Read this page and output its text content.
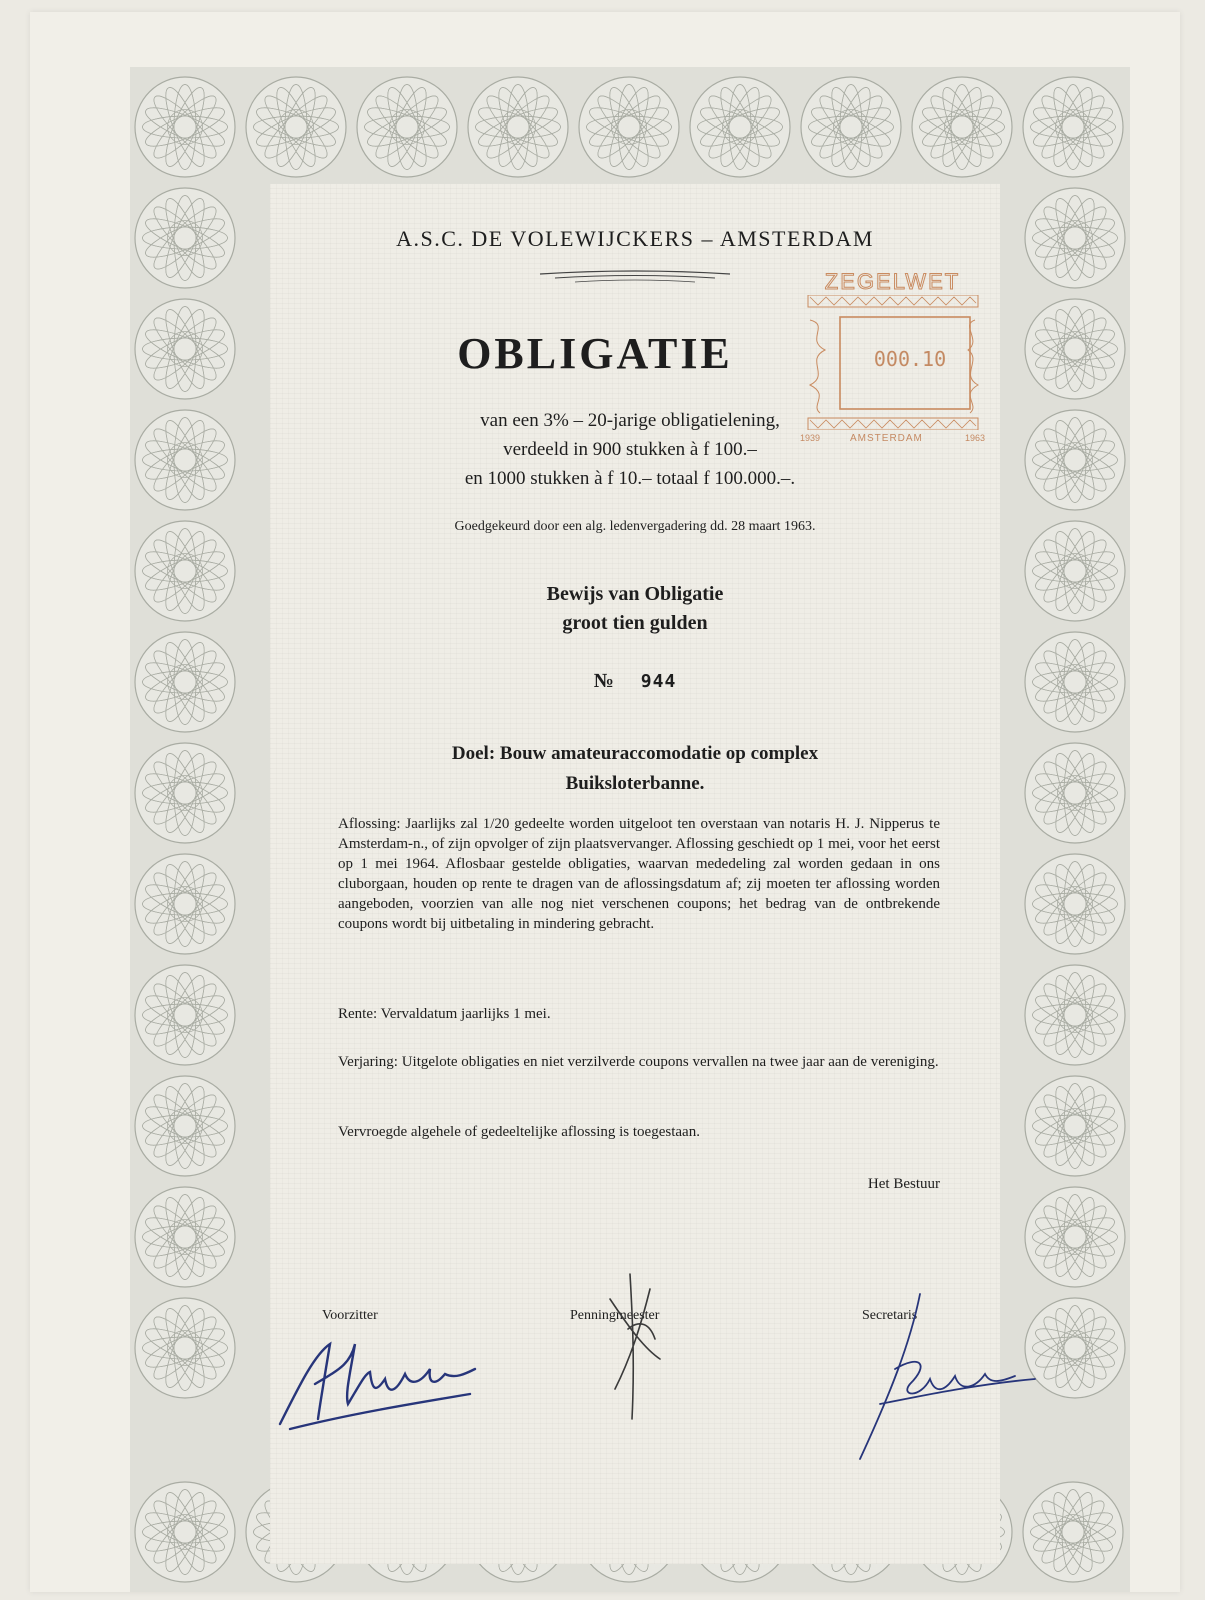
A.S.C. DE VOLEWIJCKERS – AMSTERDAM
OBLIGATIE
van een 3% – 20-jarige obligatielening,
verdeeld in 900 stukken à f 100.–
en 1000 stukken à f 10.– totaal f 100.000.–.
ZEGELWET
000.10
1939	AMSTERDAM	1963
Goedgekeurd door een alg. ledenvergadering dd. 28 maart 1963.
Bewijs van Obligatie
groot tien gulden
№ 944
Doel: Bouw amateuraccomodatie op complex
Buiksloterbanne.
Aflossing: Jaarlijks zal 1/20 gedeelte worden uitgeloot ten overstaan van notaris H. J. Nipperus te Amsterdam-n., of zijn opvolger of zijn plaatsvervanger. Aflossing geschiedt op 1 mei, voor het eerst op 1 mei 1964. Aflosbaar gestelde obligaties, waarvan mededeling zal worden gedaan in ons cluborgaan, houden op rente te dragen van de aflossingsdatum af; zij moeten ter aflossing worden aangeboden, voorzien van alle nog niet verschenen coupons; het bedrag van de ontbrekende coupons wordt bij uitbetaling in mindering gebracht.
Rente: Vervaldatum jaarlijks 1 mei.
Verjaring: Uitgelote obligaties en niet verzilverde coupons vervallen na twee jaar aan de vereniging.
Vervroegde algehele of gedeeltelijke aflossing is toegestaan.
Het Bestuur
Voorzitter	Penningmeester	Secretaris
